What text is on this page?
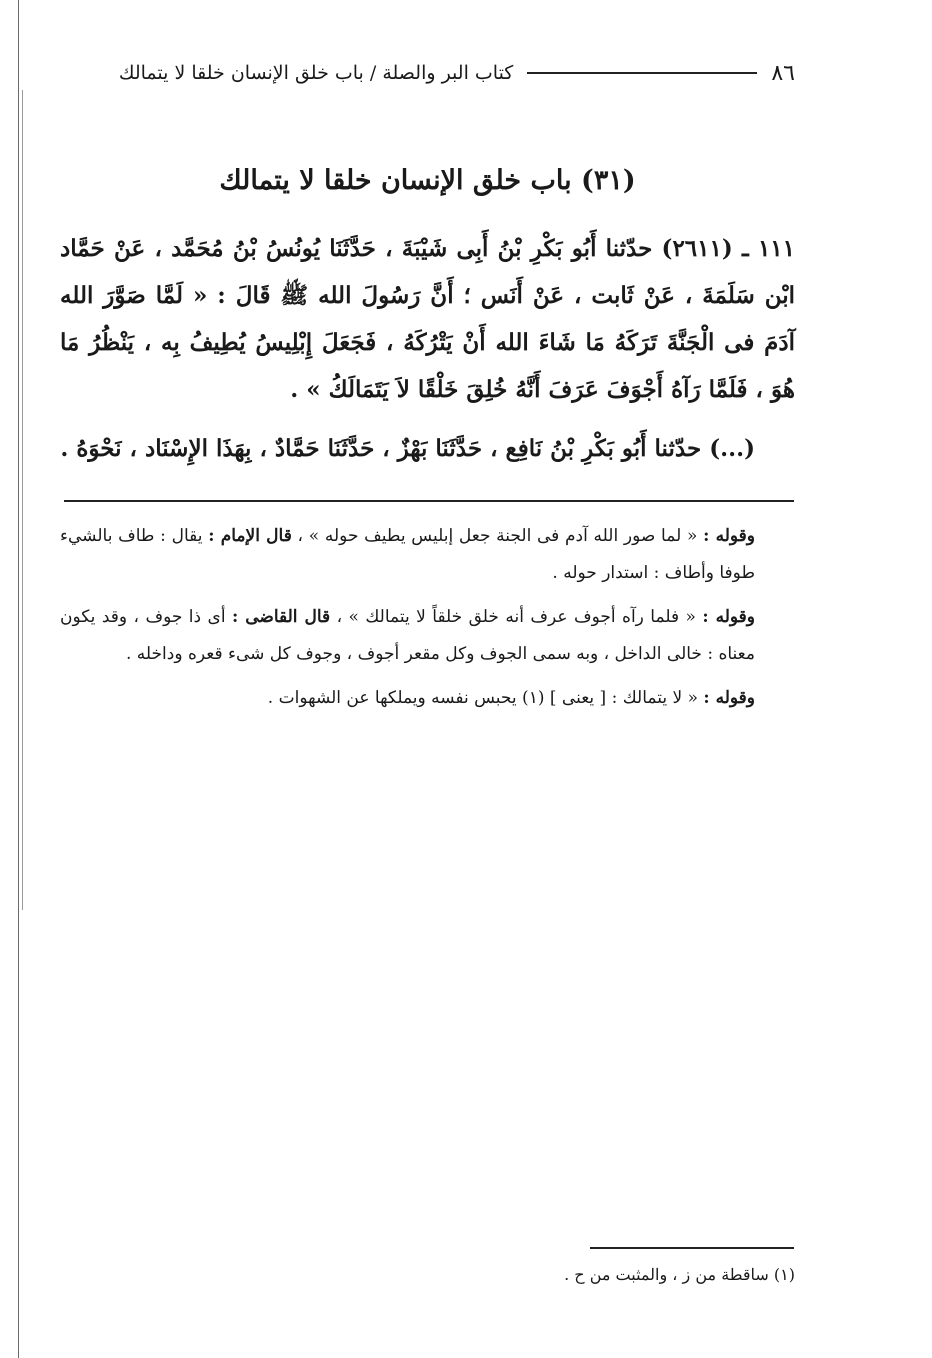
٨٦
كتاب البر والصلة / باب خلق الإنسان خلقا لا يتمالك
(٣١) باب خلق الإنسان خلقا لا يتمالك

١١١ ـ (٢٦١١) حدّثنا أَبُو بَكْرِ بْنُ أَبِى شَيْبَةَ ، حَدَّثَنَا يُونُسُ بْنُ مُحَمَّد ، عَنْ حَمَّاد ابْن سَلَمَةَ ، عَنْ ثَابت ، عَنْ أَنَس ؛ أَنَّ رَسُولَ الله ﷺ قَالَ : « لَمَّا صَوَّرَ الله آدَمَ فى الْجَنَّةَ تَرَكَهُ مَا شَاءَ الله أَنْ يَتْرُكَهُ ، فَجَعَلَ إِبْلِيسُ يُطِيفُ بِه ، يَنْظُرُ مَا هُوَ ، فَلَمَّا رَآهُ أَجْوَفَ عَرَفَ أَنَّهُ خُلِقَ خَلْقًا لاَ يَتَمَالَكُ » .

(...) حدّثنا أَبُو بَكْرِ بْنُ نَافِع ، حَدَّثَنَا بَهْزٌ ، حَدَّثَنَا حَمَّادٌ ، بِهَذَا الإِسْنَاد ، نَحْوَهُ .

وقوله : « لما صور الله آدم فى الجنة جعل إبليس يطيف حوله » ، قال الإمام : يقال : طاف بالشيء طوفا وأطاف : استدار حوله .

وقوله : « فلما رآه أجوف عرف أنه خلق خلقاً لا يتمالك » ، قال القاضى : أى ذا جوف ، وقد يكون معناه : خالى الداخل ، وبه سمى الجوف وكل مقعر أجوف ، وجوف كل شىء قعره وداخله .

وقوله : « لا يتمالك : [ يعنى ] (١) يحبس نفسه ويملكها عن الشهوات .

(١) ساقطة من ز ، والمثبت من ح .
